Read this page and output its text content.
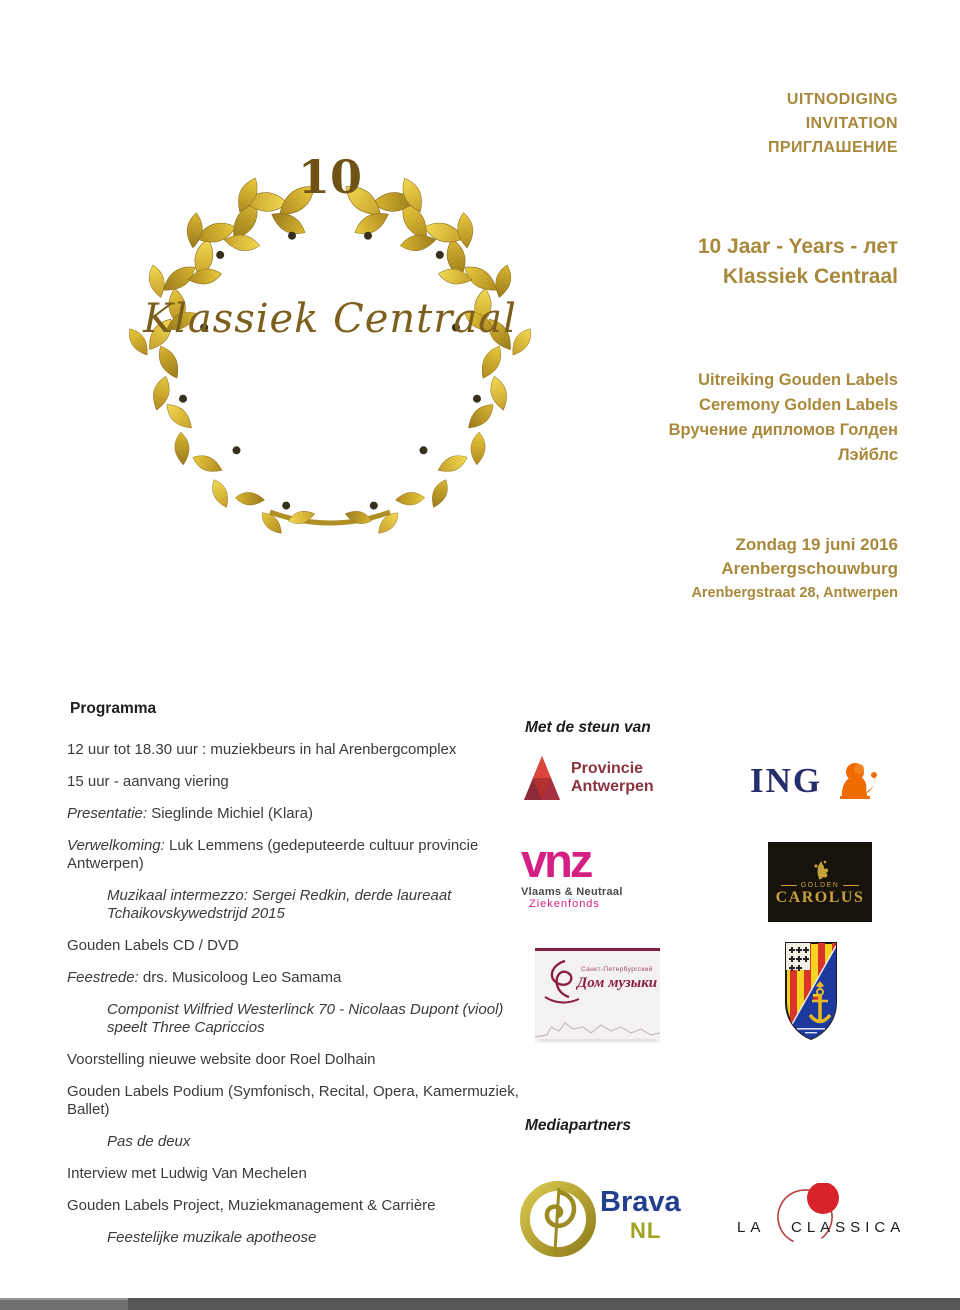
UITNODIGING
INVITATION
ПРИГЛАШЕНИЕ
10 Jaar - Years - лет
Klassiek Centraal
Uitreiking Gouden Labels
Ceremony Golden Labels
Вручение дипломов Голден
Лэйблс
Zondag 19 juni 2016
Arenbergschouwburg
Arenbergstraat 28, Antwerpen
10
Klassiek Centraal
Programma
12 uur tot 18.30 uur : muziekbeurs in hal Arenbergcomplex
15 uur - aanvang viering
Presentatie: Sieglinde Michiel (Klara)
Verwelkoming: Luk Lemmens (gedeputeerde cultuur provincie Antwerpen)
Muzikaal intermezzo: Sergei Redkin, derde laureaat Tchaikovskywedstrijd 2015
Gouden Labels CD / DVD
Feestrede: drs. Musicoloog Leo Samama
Componist Wilfried Westerlinck 70 - Nicolaas Dupont (viool) speelt Three Capriccios
Voorstelling nieuwe website door Roel Dolhain
Gouden Labels Podium (Symfonisch, Recital, Opera, Kamermuziek, Ballet)
Pas de deux
Interview met Ludwig Van Mechelen
Gouden Labels Project, Muziekmanagement & Carrière
Feestelijke muzikale apotheose
Met de steun van
Provincie
Antwerpen	ING
vnz
Vlaams & Neutraal
Ziekenfonds
GOLDEN
CAROLUS
Санкт-Петербургский
Дом музыки
Mediapartners
Brava
NL	LA CLASSICA
